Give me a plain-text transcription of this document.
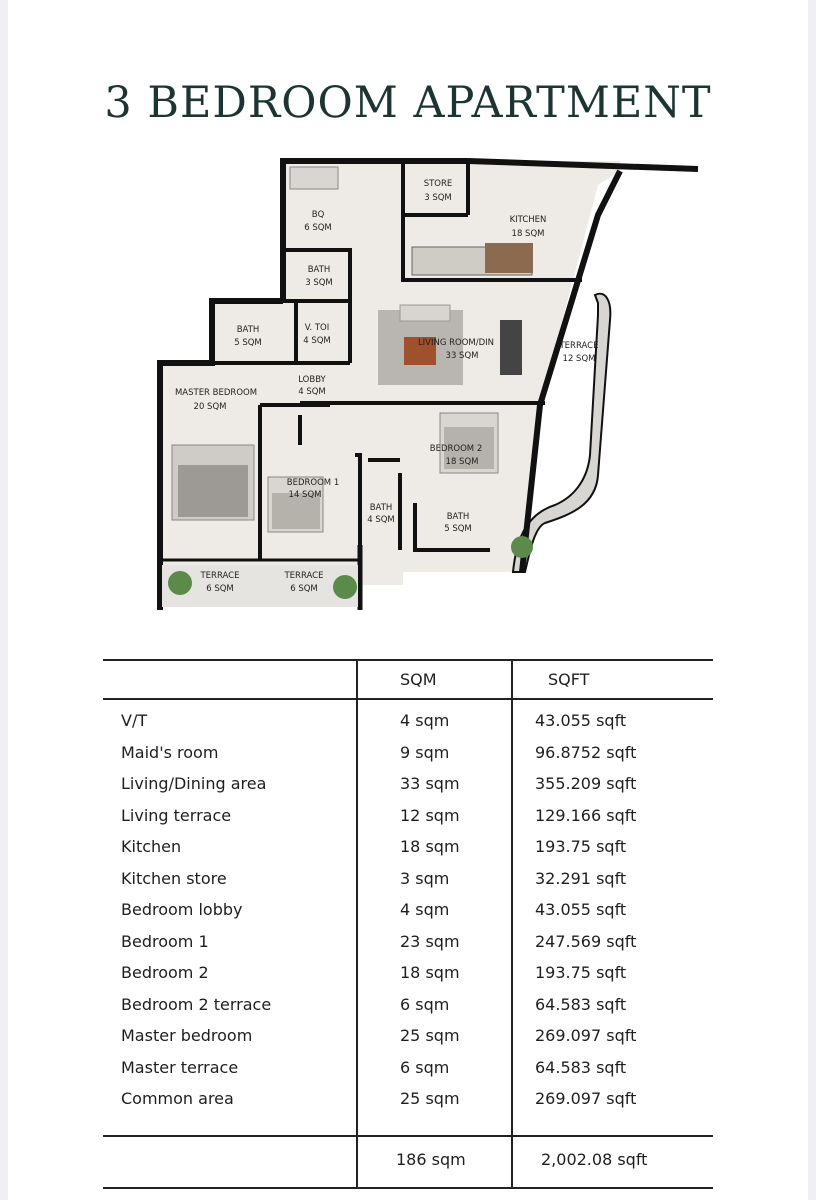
3 BEDROOM APARTMENT
BQ
6 SQM
STORE
3 SQM
KITCHEN
18 SQM
BATH
3 SQM
BATH
5 SQM
V. TOI
4 SQM	LIVING ROOM/DIN
33 SQM
TERRACE
12 SQM
MASTER BEDROOM
20 SQM
LOBBY
4 SQM
BEDROOM 2
18 SQM
BEDROOM 1
14 SQM
BATH
4 SQM	BATH
5 SQM
TERRACE
6 SQM
TERRACE
6 SQM
SQM	SQFT
V/T	4 sqm	43.055 sqft
Maid's room	9 sqm	96.8752 sqft
Living/Dining area	33 sqm	355.209 sqft
Living terrace	12 sqm	129.166 sqft
Kitchen	18 sqm	193.75 sqft
Kitchen store	3 sqm	32.291 sqft
Bedroom lobby	4 sqm	43.055 sqft
Bedroom 1	23 sqm	247.569 sqft
Bedroom 2	18 sqm	193.75 sqft
Bedroom 2 terrace	6 sqm	64.583 sqft
Master bedroom	25 sqm	269.097 sqft
Master terrace	6 sqm	64.583 sqft
Common area	25 sqm	269.097 sqft
186 sqm	2,002.08 sqft
